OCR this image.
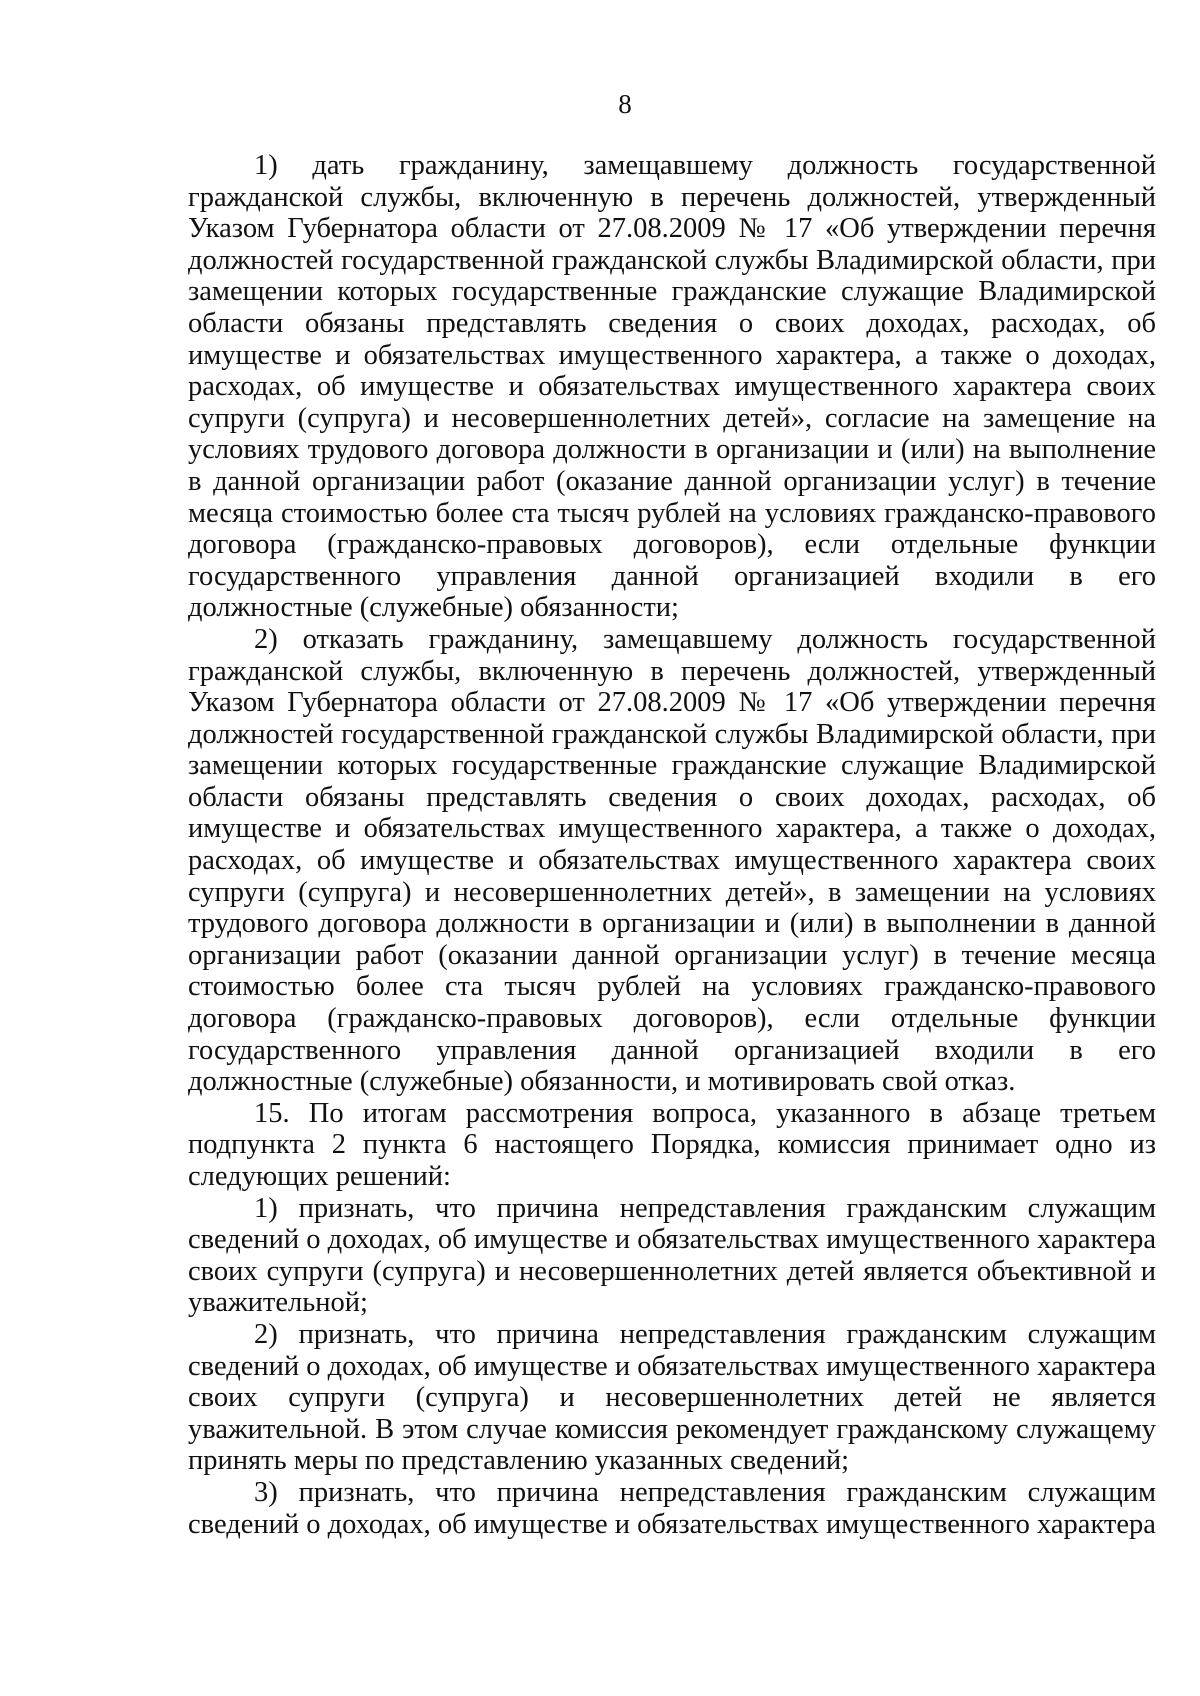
8

1) дать гражданину, замещавшему должность государственной гражданской службы, включенную в перечень должностей, утвержденный Указом Губернатора области от 27.08.2009 № 17 «Об утверждении перечня должностей государственной гражданской службы Владимирской области, при замещении которых государственные гражданские служащие Владимирской области обязаны представлять сведения о своих доходах, расходах, об имуществе и обязательствах имущественного характера, а также о доходах, расходах, об имуществе и обязательствах имущественного характера своих супруги (супруга) и несовершеннолетних детей», согласие на замещение на условиях трудового договора должности в организации и (или) на выполнение в данной организации работ (оказание данной организации услуг) в течение месяца стоимостью более ста тысяч рублей на условиях гражданско-правового договора (гражданско-правовых договоров), если отдельные функции государственного управления данной организацией входили в его должностные (служебные) обязанности;

2) отказать гражданину, замещавшему должность государственной гражданской службы, включенную в перечень должностей, утвержденный Указом Губернатора области от 27.08.2009 № 17 «Об утверждении перечня должностей государственной гражданской службы Владимирской области, при замещении которых государственные гражданские служащие Владимирской области обязаны представлять сведения о своих доходах, расходах, об имуществе и обязательствах имущественного характера, а также о доходах, расходах, об имуществе и обязательствах имущественного характера своих супруги (супруга) и несовершеннолетних детей», в замещении на условиях трудового договора должности в организации и (или) в выполнении в данной организации работ (оказании данной организации услуг) в течение месяца стоимостью более ста тысяч рублей на условиях гражданско-правового договора (гражданско-правовых договоров), если отдельные функции государственного управления данной организацией входили в его должностные (служебные) обязанности, и мотивировать свой отказ.

15. По итогам рассмотрения вопроса, указанного в абзаце третьем подпункта 2 пункта 6 настоящего Порядка, комиссия принимает одно из следующих решений:

1) признать, что причина непредставления гражданским служащим сведений о доходах, об имуществе и обязательствах имущественного характера своих супруги (супруга) и несовершеннолетних детей является объективной и уважительной;

2) признать, что причина непредставления гражданским служащим сведений о доходах, об имуществе и обязательствах имущественного характера своих супруги (супруга) и несовершеннолетних детей не является уважительной. В этом случае комиссия рекомендует гражданскому служащему принять меры по представлению указанных сведений;

3) признать, что причина непредставления гражданским служащим сведений о доходах, об имуществе и обязательствах имущественного характера
